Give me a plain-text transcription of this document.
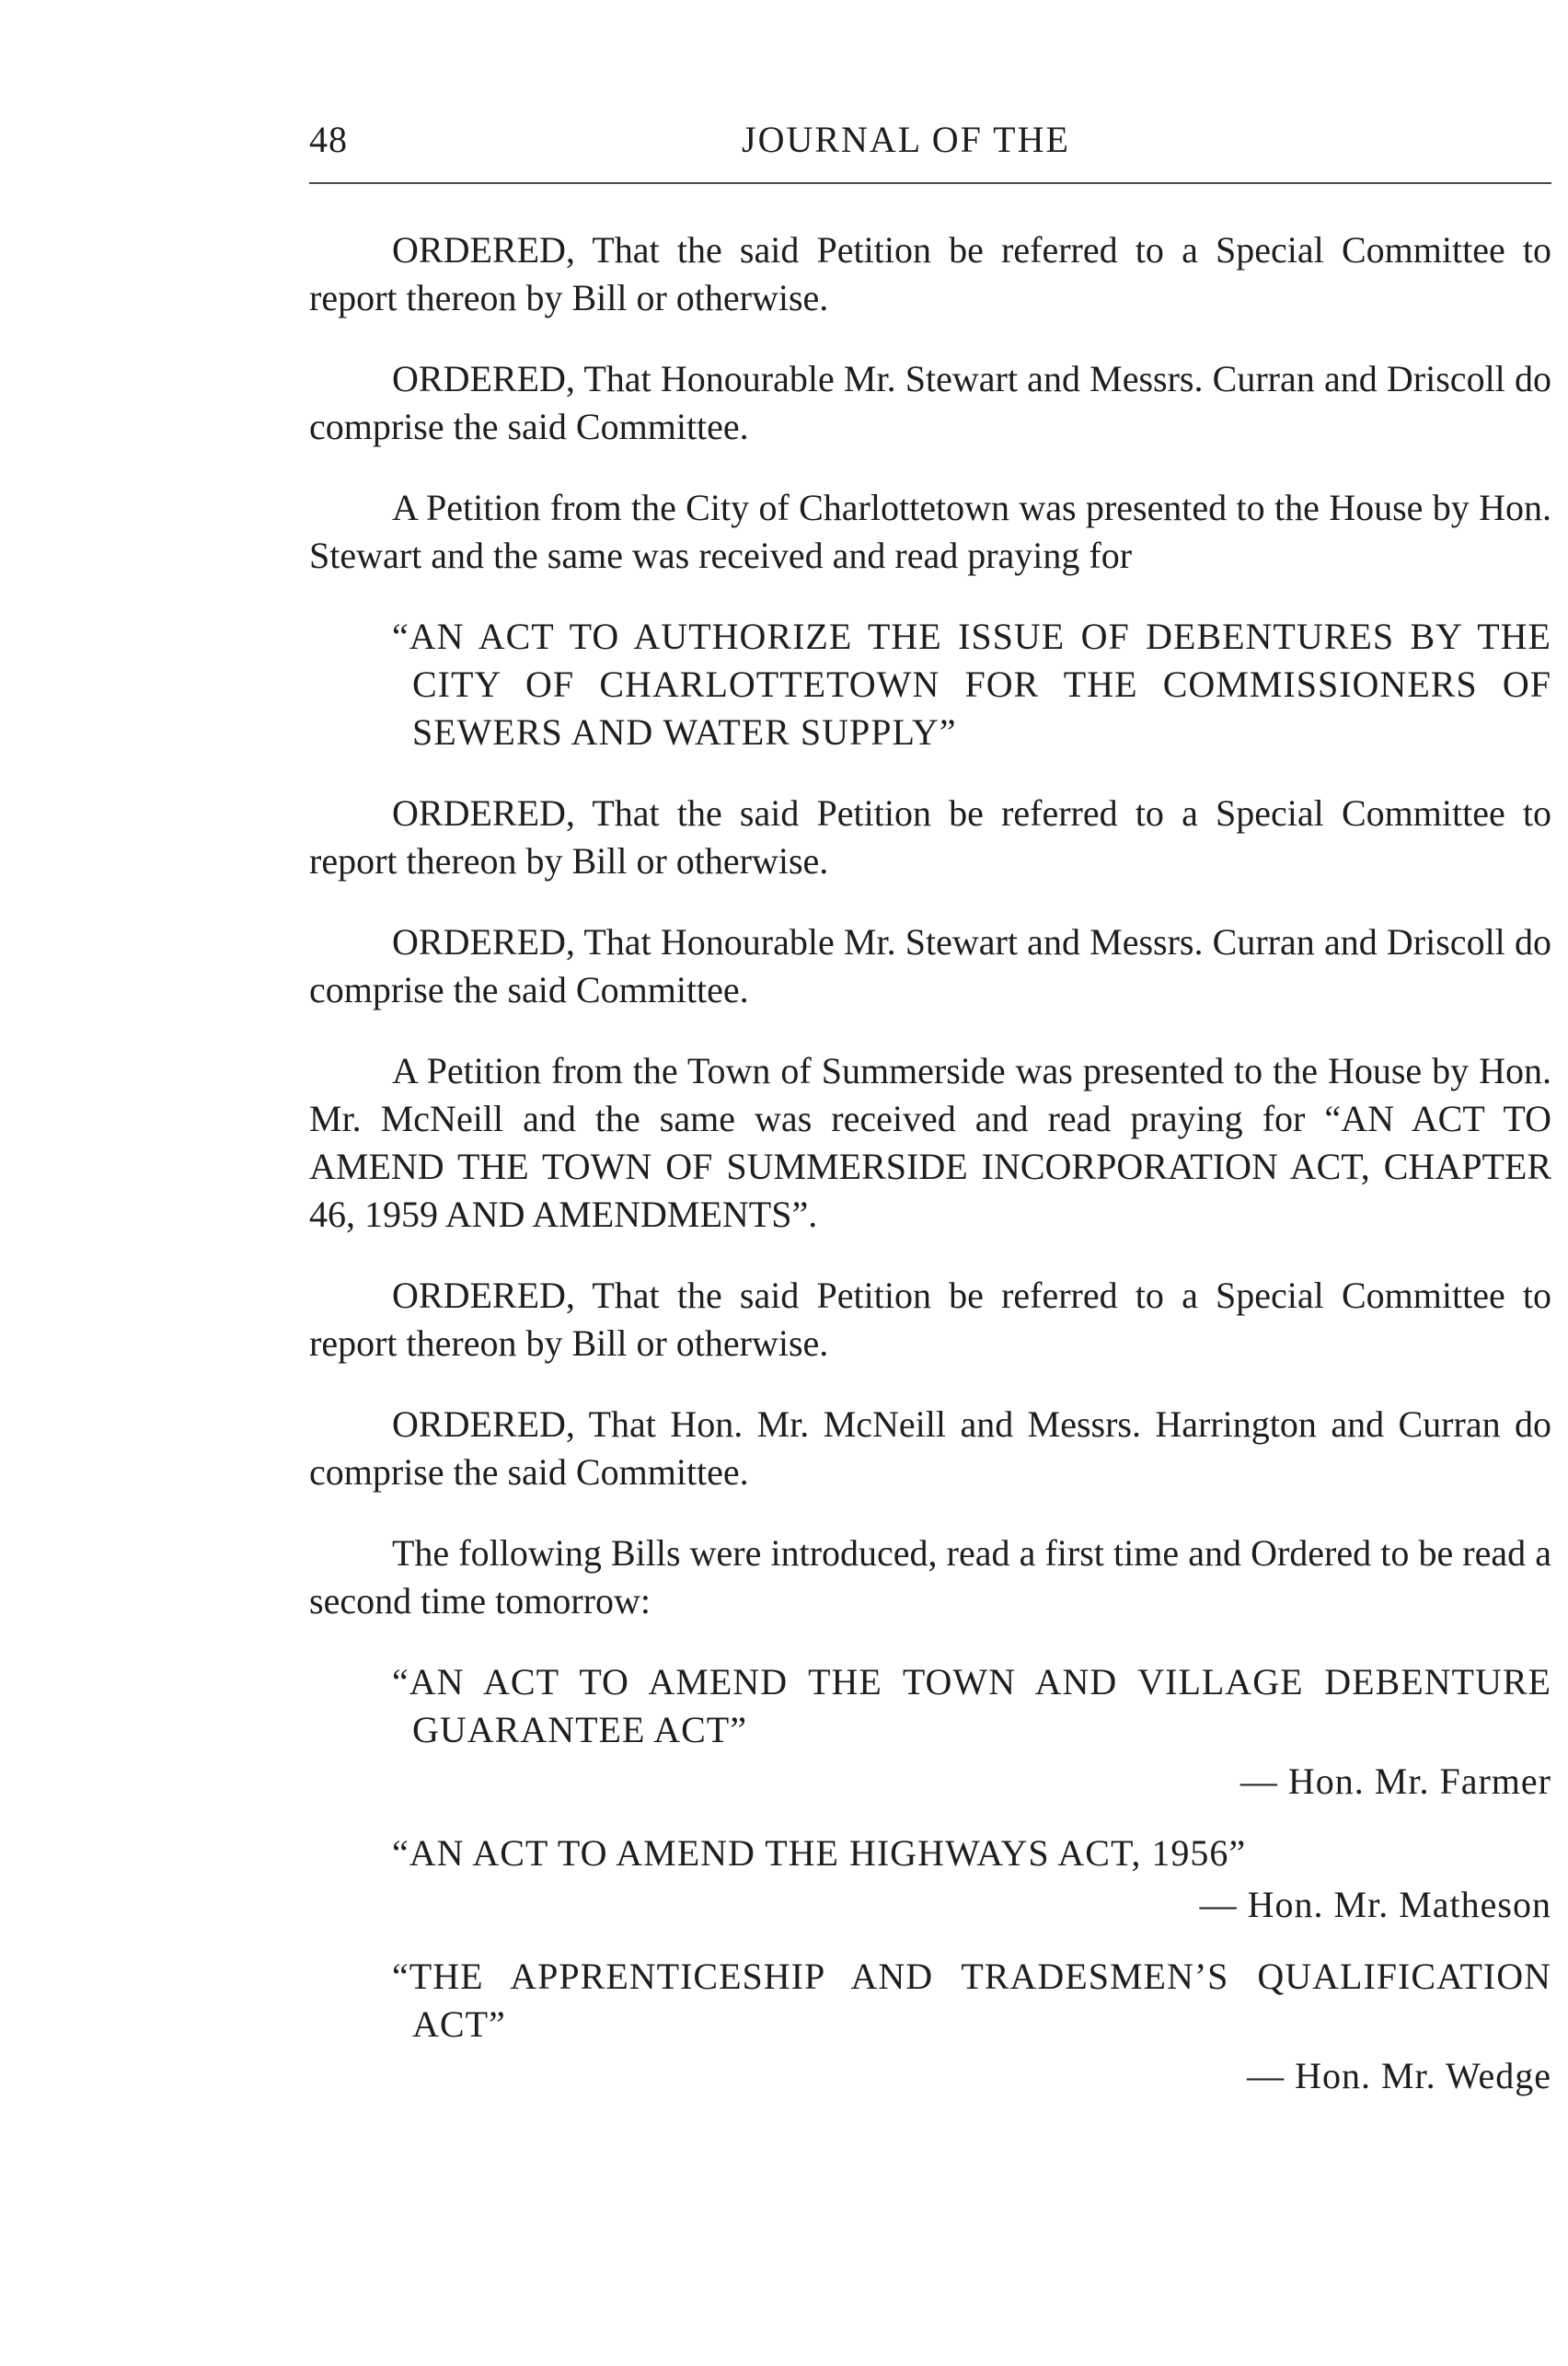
48	JOURNAL OF THE

ORDERED, That the said Petition be referred to a Special Committee to report thereon by Bill or otherwise.

ORDERED, That Honourable Mr. Stewart and Messrs. Curran and Driscoll do comprise the said Committee.

A Petition from the City of Charlottetown was presented to the House by Hon. Stewart and the same was received and read praying for

“AN ACT TO AUTHORIZE THE ISSUE OF DEBENTURES BY THE CITY OF CHARLOTTETOWN FOR THE COMMISSIONERS OF SEWERS AND WATER SUPPLY”

ORDERED, That the said Petition be referred to a Special Committee to report thereon by Bill or otherwise.

ORDERED, That Honourable Mr. Stewart and Messrs. Curran and Driscoll do comprise the said Committee.

A Petition from the Town of Summerside was presented to the House by Hon. Mr. McNeill and the same was received and read praying for “AN ACT TO AMEND THE TOWN OF SUMMERSIDE INCORPORATION ACT, CHAPTER 46, 1959 AND AMENDMENTS”.

ORDERED, That the said Petition be referred to a Special Committee to report thereon by Bill or otherwise.

ORDERED, That Hon. Mr. McNeill and Messrs. Harrington and Curran do comprise the said Committee.

The following Bills were introduced, read a first time and Ordered to be read a second time tomorrow:

“AN ACT TO AMEND THE TOWN AND VILLAGE DEBENTURE GUARANTEE ACT”

— Hon. Mr. Farmer

“AN ACT TO AMEND THE HIGHWAYS ACT, 1956”

— Hon. Mr. Matheson

“THE APPRENTICESHIP AND TRADESMEN’S QUALIFICATION ACT”

— Hon. Mr. Wedge
